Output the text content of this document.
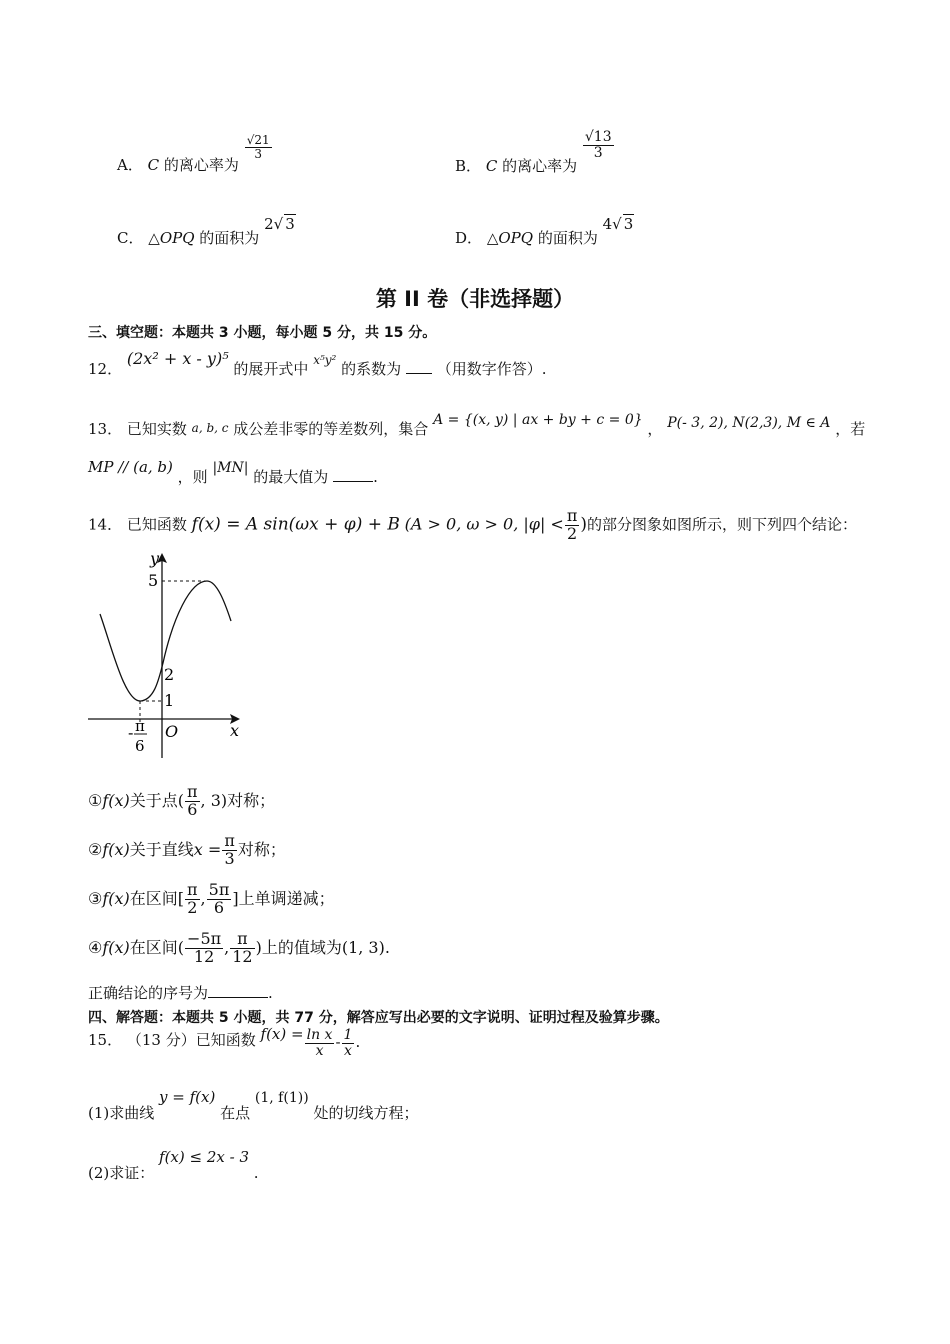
A． C 的离心率为
$\frac{√21}{3}$
B． C 的离心率为
$\frac{√13}{3}$
C． △OPQ 的面积为 2√ 3
D． △OPQ 的面积为 4√ 3
第 II 卷（非选择题）
三、填空题：本题共 3 小题，每小题 5 分，共 15 分。
12． (2x² + x - y)⁵ 的展开式中 x⁵y² 的系数为 （用数字作答）.
13． 已知实数 $_{a, b, c}$ 成公差非零的等差数列，集合 A = {(x, y) | ax + by + c = 0} ， P(- 3, 2), N(2,3), M ∈ A ，若
MP // (a, b) ，则 |MN| 的最大值为	.
14． 已知函数 f(x) = A sin(ωx + φ) + B (A > 0, ω > 0, $|\varphi| < \frac{\pi}{2}$ )的部分图象如图所示，则下列四个结论：
y
x
O
5
2
1
- π
6
①f(x)关于点( $\frac{\pi}{6}$ , 3)对称；
②f(x)关于直线$x = \frac{\pi}{3}$ 对称；
③f(x)在区间[ $\frac{\pi}{2}$ , $\frac{5\pi}{6}$ ]上单调递减；
④f(x)在区间( $\frac{-5\pi}{12}$ , $\frac{\pi}{12}$ )上的值域为(1, 3).
正确结论的序号为	.
四、解答题：本题共 5 小题，共 77 分，解答应写出必要的文字说明、证明过程及验算步骤。
15． （13 分）已知函数 $f(x) = \frac{\text{ln x}}{x} - \frac{1}{x}$ .
(1)求曲线 y = f(x) 在点 (1, f(1)) 处的切线方程；
(2)求证： f(x) ≤ 2x - 3 .
